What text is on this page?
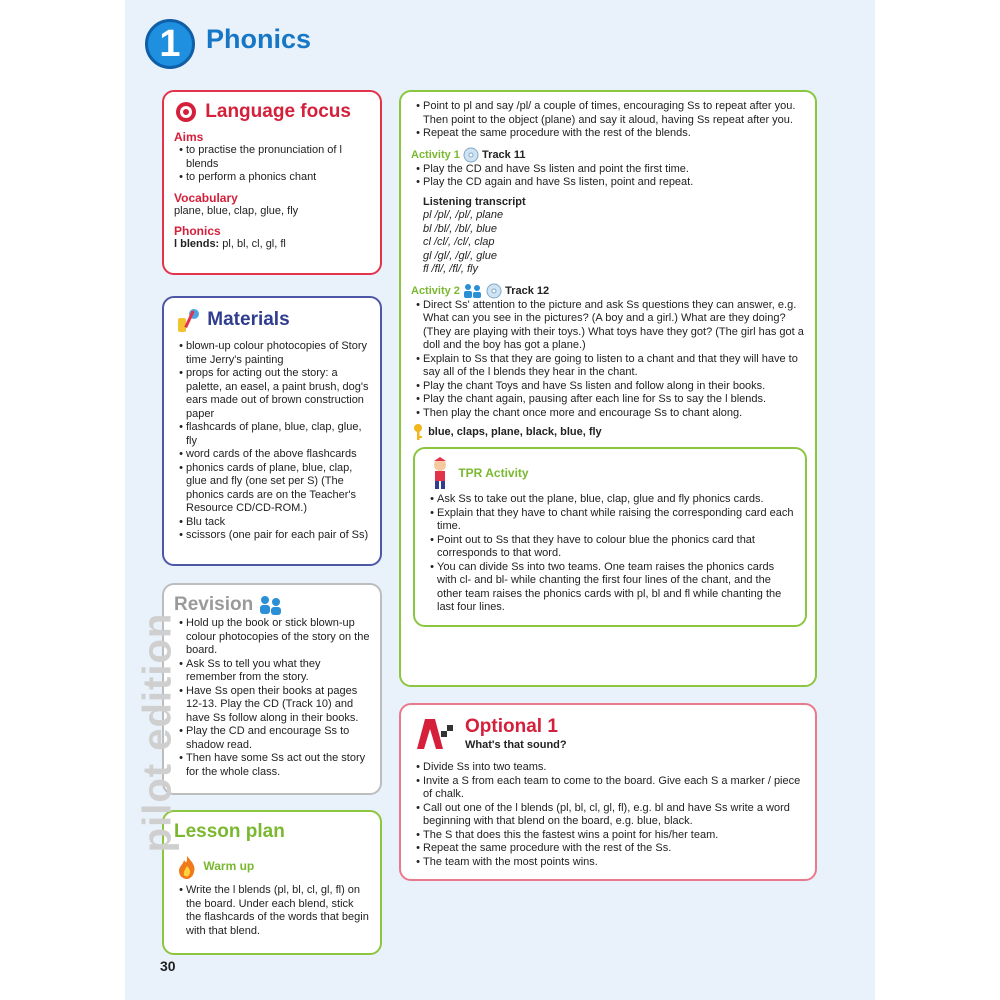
1 Phonics
Language focus
Aims
• to practise the pronunciation of l blends
• to perform a phonics chant
Vocabulary
plane, blue, clap, glue, fly
Phonics
l blends: pl, bl, cl, gl, fl
Materials
• blown-up colour photocopies of Story time Jerry's painting
• props for acting out the story: a palette, an easel, a paint brush, dog's ears made out of brown construction paper
• flashcards of plane, blue, clap, glue, fly
• word cards of the above flashcards
• phonics cards of plane, blue, clap, glue and fly (one set per S) (The phonics cards are on the Teacher's Resource CD/CD-ROM.)
• Blu tack
• scissors (one pair for each pair of Ss)
Revision
• Hold up the book or stick blown-up colour photocopies of the story on the board.
• Ask Ss to tell you what they remember from the story.
• Have Ss open their books at pages 12-13. Play the CD (Track 10) and have Ss follow along in their books.
• Play the CD and encourage Ss to shadow read.
• Then have some Ss act out the story for the whole class.
Lesson plan
Warm up
• Write the l blends (pl, bl, cl, gl, fl) on the board. Under each blend, stick the flashcards of the words that begin with that blend.
pilot edition
• Point to pl and say /pl/ a couple of times, encouraging Ss to repeat after you. Then point to the object (plane) and say it aloud, having Ss repeat after you.
• Repeat the same procedure with the rest of the blends.
Activity 1 Track 11
• Play the CD and have Ss listen and point the first time.
• Play the CD again and have Ss listen, point and repeat.
Listening transcript
pl /pl/, /pl/, plane
bl /bl/, /bl/, blue
cl /cl/, /cl/, clap
gl /gl/, /gl/, glue
fl /fl/, /fl/, fly
Activity 2	Track 12
• Direct Ss' attention to the picture and ask Ss questions they can answer, e.g. What can you see in the pictures? (A boy and a girl.) What are they doing? (They are playing with their toys.) What toys have they got? (The girl has got a doll and the boy has got a plane.)
• Explain to Ss that they are going to listen to a chant and that they will have to say all of the l blends they hear in the chant.
• Play the chant Toys and have Ss listen and follow along in their books.
• Play the chant again, pausing after each line for Ss to say the l blends.
• Then play the chant once more and encourage Ss to chant along.
blue, claps, plane, black, blue, fly
TPR Activity
• Ask Ss to take out the plane, blue, clap, glue and fly phonics cards.
• Explain that they have to chant while raising the corresponding card each time.
• Point out to Ss that they have to colour blue the phonics card that corresponds to that word.
• You can divide Ss into two teams. One team raises the phonics cards with cl- and bl- while chanting the first four lines of the chant, and the other team raises the phonics cards with pl, bl and fl while chanting the last four lines.
Optional 1
What's that sound?
• Divide Ss into two teams.
• Invite a S from each team to come to the board. Give each S a marker / piece of chalk.
• Call out one of the l blends (pl, bl, cl, gl, fl), e.g. bl and have Ss write a word beginning with that blend on the board, e.g. blue, black.
• The S that does this the fastest wins a point for his/her team.
• Repeat the same procedure with the rest of the Ss.
• The team with the most points wins.
30
